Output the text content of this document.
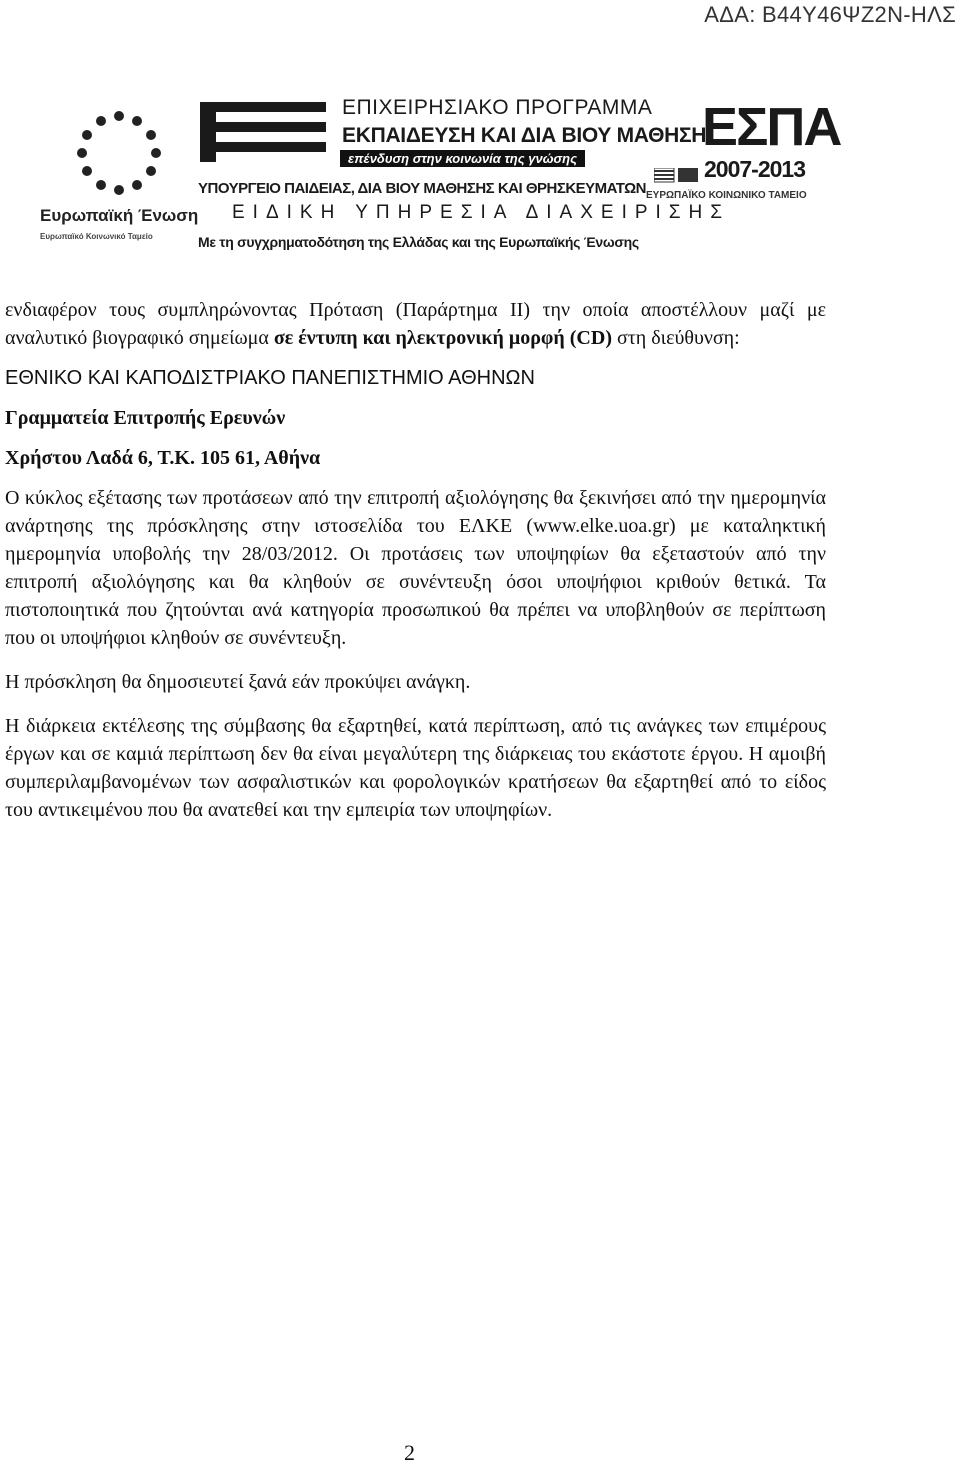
ΑΔΑ: Β44Υ46ΨΖ2Ν-ΗΛΣ
Ευρωπαϊκή Ένωση
Ευρωπαϊκό Κοινωνικό Ταμείο
ΕΠΙΧΕΙΡΗΣΙΑΚΟ ΠΡΟΓΡΑΜΜΑ
ΕΚΠΑΙΔΕΥΣΗ ΚΑΙ ΔΙΑ ΒΙΟΥ ΜΑΘΗΣΗ
επένδυση στην κοινωνία της γνώσης
ΥΠΟΥΡΓΕΙΟ ΠΑΙΔΕΙΑΣ, ΔΙΑ ΒΙΟΥ ΜΑΘΗΣΗΣ ΚΑΙ ΘΡΗΣΚΕΥΜΑΤΩΝ
ΕΙΔΙΚΗ ΥΠΗΡΕΣΙΑ ΔΙΑΧΕΙΡΙΣΗΣ
Με τη συγχρηματοδότηση της Ελλάδας και της Ευρωπαϊκής Ένωσης
ΕΣΠΑ
2007-2013
ΕΥΡΩΠΑΪΚΟ ΚΟΙΝΩΝΙΚΟ ΤΑΜΕΙΟ

ενδιαφέρον τους συμπληρώνοντας Πρόταση (Παράρτημα ΙΙ) την οποία αποστέλλουν μαζί με αναλυτικό βιογραφικό σημείωμα σε έντυπη και ηλεκτρονική μορφή (CD) στη διεύθυνση:

ΕΘΝΙΚΟ ΚΑΙ ΚΑΠΟΔΙΣΤΡΙΑΚΟ ΠΑΝΕΠΙΣΤΗΜΙΟ ΑΘΗΝΩΝ

Γραμματεία Επιτροπής Ερευνών

Χρήστου Λαδά 6, Τ.Κ. 105 61, Αθήνα

Ο κύκλος εξέτασης των προτάσεων από την επιτροπή αξιολόγησης θα ξεκινήσει από την ημερομηνία ανάρτησης της πρόσκλησης στην ιστοσελίδα του ΕΛΚΕ (www.elke.uoa.gr) με καταληκτική ημερομηνία υποβολής την 28/03/2012. Οι προτάσεις των υποψηφίων θα εξεταστούν από την επιτροπή αξιολόγησης και θα κληθούν σε συνέντευξη όσοι υποψήφιοι κριθούν θετικά. Τα πιστοποιητικά που ζητούνται ανά κατηγορία προσωπικού θα πρέπει να υποβληθούν σε περίπτωση που οι υποψήφιοι κληθούν σε συνέντευξη.

Η πρόσκληση θα δημοσιευτεί ξανά εάν προκύψει ανάγκη.

Η διάρκεια εκτέλεσης της σύμβασης θα εξαρτηθεί, κατά περίπτωση, από τις ανάγκες των επιμέρους έργων και σε καμιά περίπτωση δεν θα είναι μεγαλύτερη της διάρκειας του εκάστοτε έργου. Η αμοιβή συμπεριλαμβανομένων των ασφαλιστικών και φορολογικών κρατήσεων θα εξαρτηθεί από το είδος του αντικειμένου που θα ανατεθεί και την εμπειρία των υποψηφίων.

2
